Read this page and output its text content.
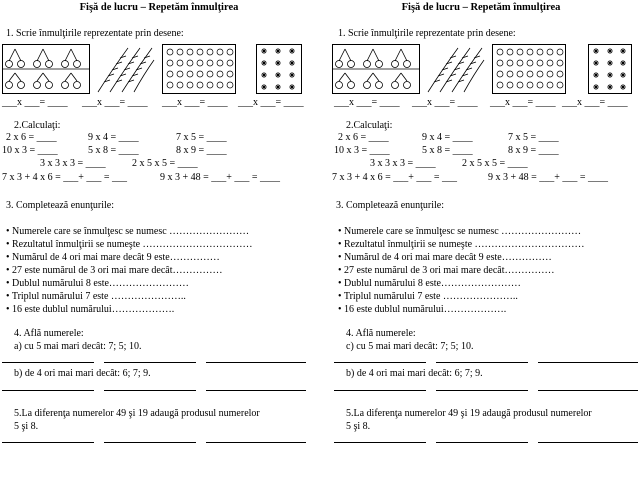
Fişă de lucru – Repetăm înmulţirea
1. Scrie înmulţirile reprezentate prin desene:
___x ___= ____ ___x ___= ____ ___x ___= ____ ___x ___= ____
2.Calculaţi:
2 x 6 = ____	9 x 4 = ____	7 x 5 = ____
10 x 3 = ____	5 x 8 = ____	8 x 9 = ____
3 x 3 x 3 = ____	2 x 5 x 5 = ____
7 x 3 + 4 x 6 = ___+ ___ = ___	9 x 3 + 48 = ___+ ___ = ____
3. Completează enunţurile:
• Numerele care se înmulţesc se numesc ……………………
• Rezultatul înmulţirii se numeşte ……………………………
• Numărul de 4 ori mai mare decât 9 este……………
• 27 este numărul de 3 ori mai mare decât……………
• Dublul numărului 8 este……………………
• Triplul numărului 7 este …………………..
• 16 este dublul numărului……………….
4. Află numerele:
a) cu 5 mai mari decât: 7; 5; 10.
b) de 4 ori mai mari decât: 6; 7; 9.
5.La diferenţa numerelor 49 şi 19 adaugă produsul numerelor
5 şi 8.
Fişă de lucru – Repetăm înmulţirea
1. Scrie înmulţirile reprezentate prin desene:
___x ___= ____ ___x ___= ____ ___x ___= ____ ___x ___= ____
2.Calculaţi:
2 x 6 = ____	9 x 4 = ____	7 x 5 = ____
10 x 3 = ____	5 x 8 = ____	8 x 9 = ____
3 x 3 x 3 = ____	2 x 5 x 5 = ____
7 x 3 + 4 x 6 = ___+ ___ = ___	9 x 3 + 48 = ___+ ___ = ____
3. Completează enunţurile:
• Numerele care se înmulţesc se numesc ……………………
• Rezultatul înmulţirii se numeşte ……………………………
• Numărul de 4 ori mai mare decât 9 este……………
• 27 este numărul de 3 ori mai mare decât……………
• Dublul numărului 8 este……………………
• Triplul numărului 7 este …………………..
• 16 este dublul numărului……………….
4. Află numerele:
c) cu 5 mai mari decât: 7; 5; 10.
b) de 4 ori mai mari decât: 6; 7; 9.
5.La diferenţa numerelor 49 şi 19 adaugă produsul numerelor
5 şi 8.
